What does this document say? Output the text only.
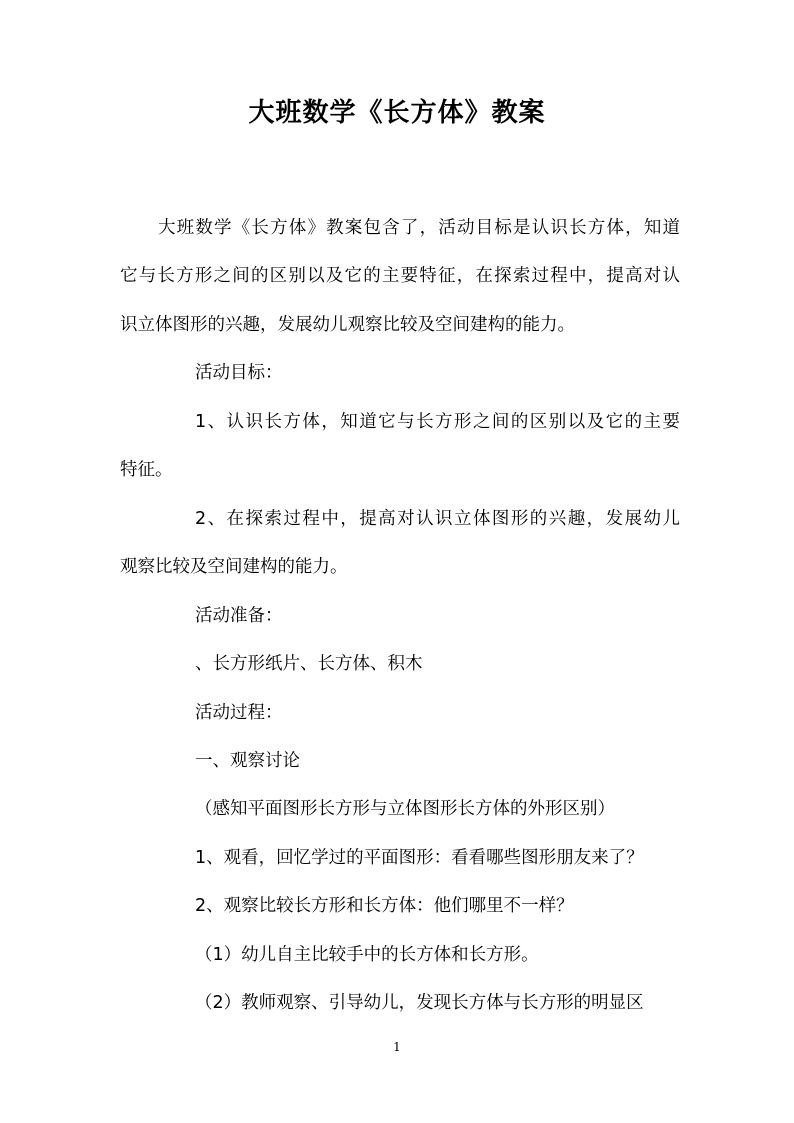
大班数学《长方体》教案
大班数学《长方体》教案包含了，活动目标是认识长方体，知道
它与长方形之间的区别以及它的主要特征，在探索过程中，提高对认
识立体图形的兴趣，发展幼儿观察比较及空间建构的能力。
活动目标：
1、认识长方体，知道它与长方形之间的区别以及它的主要
特征。
2、在探索过程中，提高对认识立体图形的兴趣，发展幼儿
观察比较及空间建构的能力。
活动准备：
、长方形纸片、长方体、积木
活动过程：
一、观察讨论
（感知平面图形长方形与立体图形长方体的外形区别）
1、观看，回忆学过的平面图形：看看哪些图形朋友来了？
2、观察比较长方形和长方体：他们哪里不一样？
（1）幼儿自主比较手中的长方体和长方形。
（2）教师观察、引导幼儿，发现长方体与长方形的明显区
1
